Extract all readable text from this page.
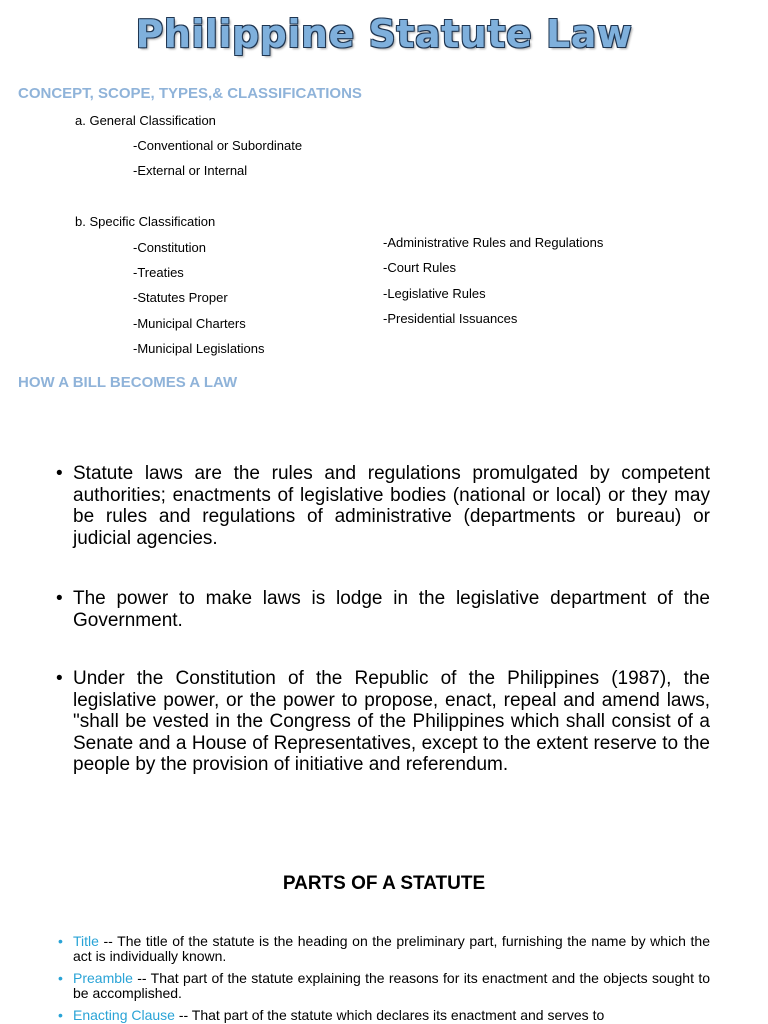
Philippine Statute Law
CONCEPT, SCOPE, TYPES,& CLASSIFICATIONS
a. General Classification
-Conventional or Subordinate
-External or Internal
b. Specific Classification
-Constitution
-Treaties
-Statutes Proper
-Municipal Charters
-Municipal Legislations
-Administrative Rules and Regulations
-Court Rules
-Legislative Rules
-Presidential Issuances
HOW A BILL BECOMES A LAW
• Statute laws are the rules and regulations promulgated by competent authorities; enactments of legislative bodies (national or local) or they may be rules and regulations of administrative (departments or bureau) or judicial agencies.
• The power to make laws is lodge in the legislative department of the Government.
• Under the Constitution of the Republic of the Philippines (1987), the legislative power, or the power to propose, enact, repeal and amend laws, "shall be vested in the Congress of the Philippines which shall consist of a Senate and a House of Representatives, except to the extent reserve to the people by the provision of initiative and referendum.
PARTS OF A STATUTE
• Title -- The title of the statute is the heading on the preliminary part, furnishing the name by which the act is individually known.
• Preamble -- That part of the statute explaining the reasons for its enactment and the objects sought to be accomplished.
• Enacting Clause -- That part of the statute which declares its enactment and serves to
